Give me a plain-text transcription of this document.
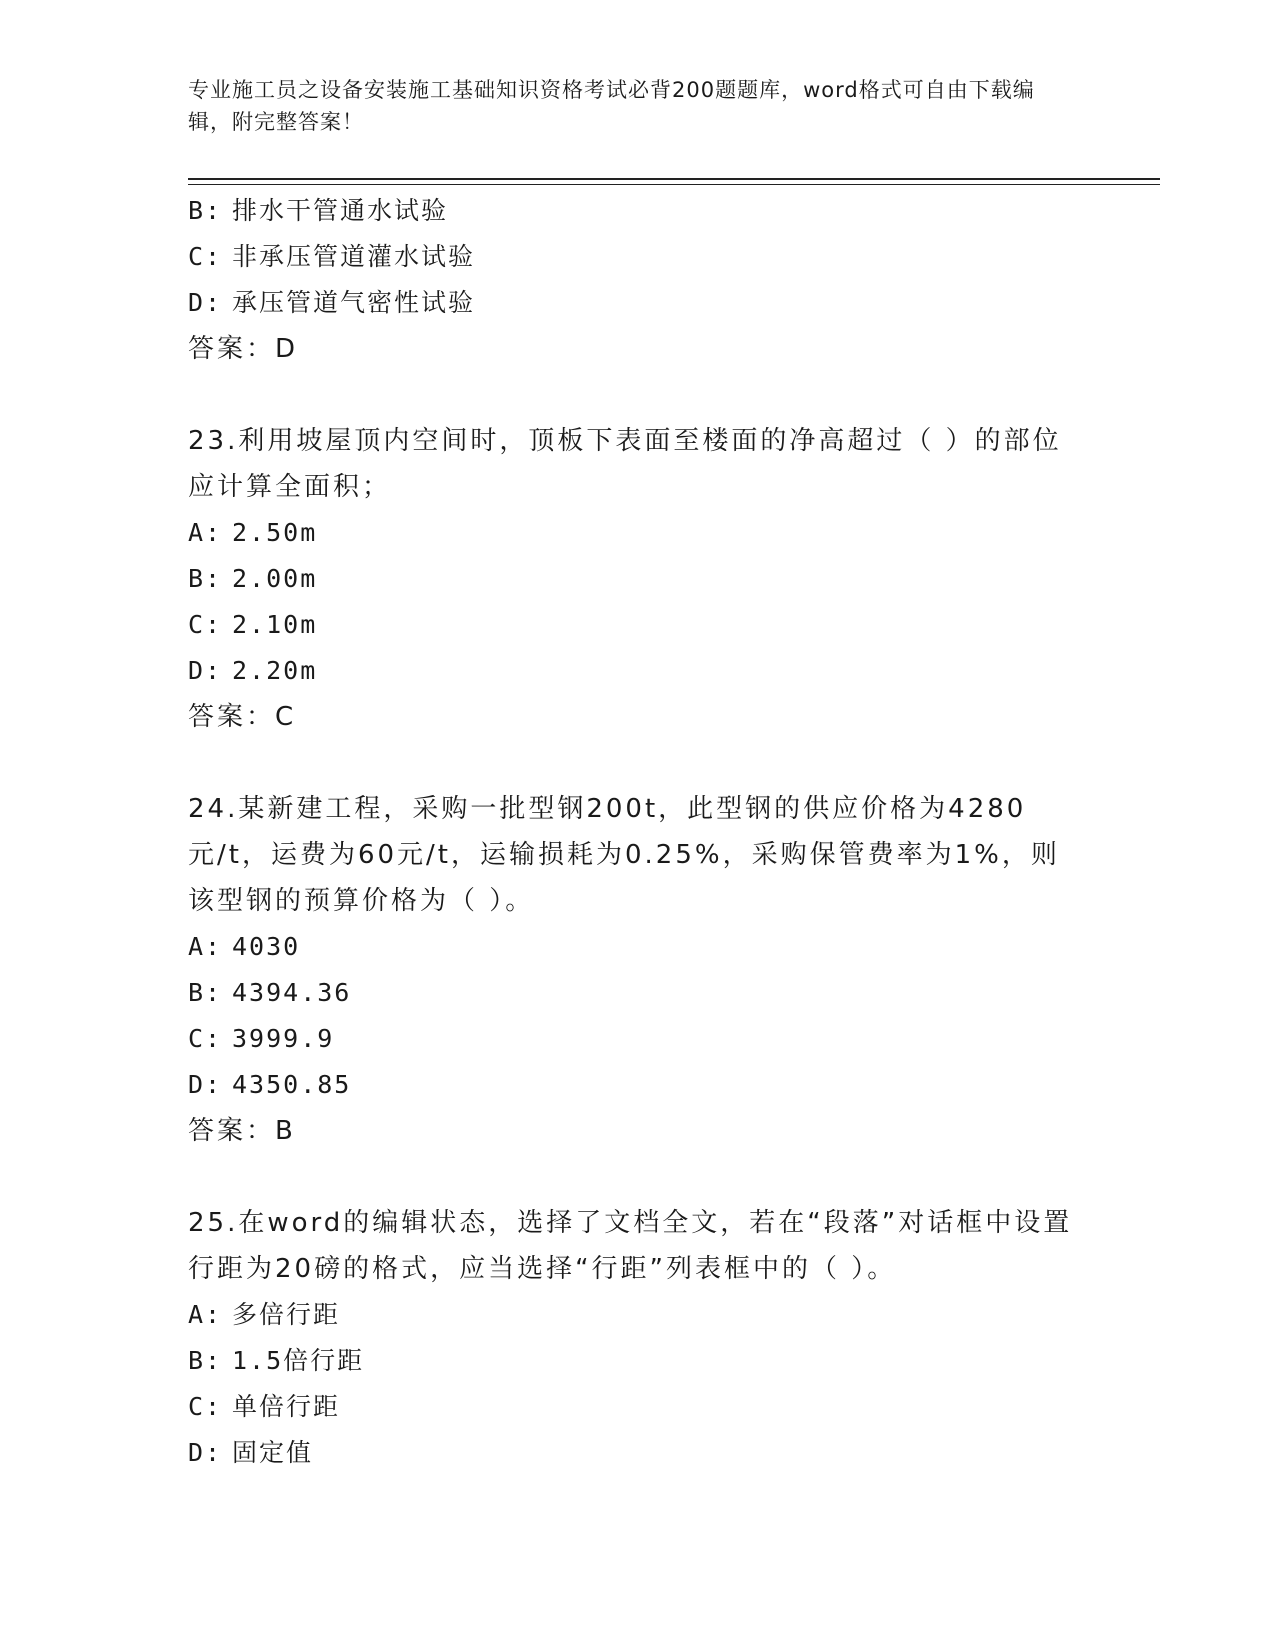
专业施工员之设备安装施工基础知识资格考试必背200题题库，word格式可自由下载编辑，附完整答案！
B: 排水干管通水试验
C: 非承压管道灌水试验
D: 承压管道气密性试验
答案：D
23.利用坡屋顶内空间时，顶板下表面至楼面的净高超过（ ）的部位应计算全面积；
A: 2.50m
B: 2.00m
C: 2.10m
D: 2.20m
答案：C
24.某新建工程，采购一批型钢200t，此型钢的供应价格为4280元/t，运费为60元/t，运输损耗为0.25%，采购保管费率为1%，则该型钢的预算价格为（ ）。
A: 4030
B: 4394.36
C: 3999.9
D: 4350.85
答案：B
25.在word的编辑状态，选择了文档全文，若在“段落”对话框中设置行距为20磅的格式，应当选择“行距”列表框中的（ ）。
A: 多倍行距
B: 1.5倍行距
C: 单倍行距
D: 固定值
